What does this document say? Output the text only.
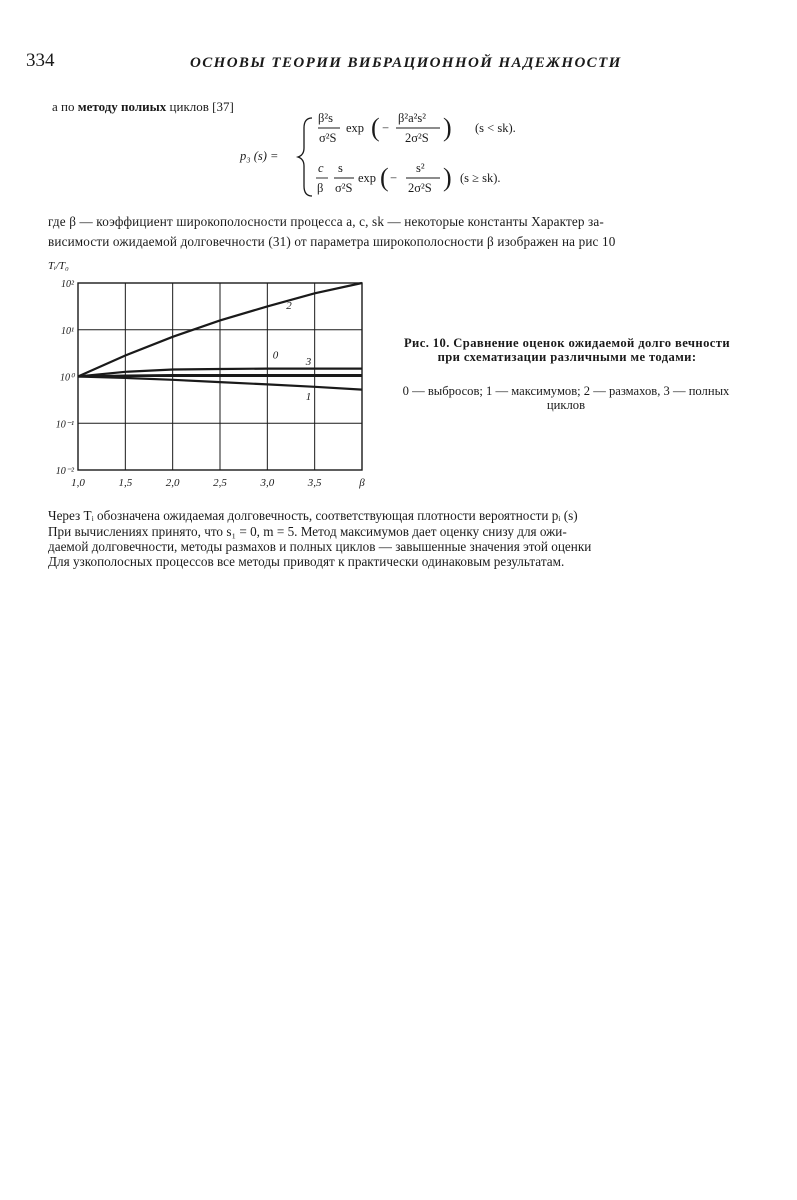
334	ОСНОВЫ ТЕОРИИ ВИБРАЦИОННОЙ НАДЕЖНОСТИ
а по методу полиых циклов [37]
p₃ (s) =
β²s
σ²S
exp ( −
β²a²s²
2σ²S ) (s < sk).
c
β
s
σ²S
exp ( −
s²
2σ²S ) (s ≥ sk).
где β — коэффициент широкополосности процесса a, c, sk — некоторые константы Характер за-
висимости ожидаемой долговечности (31) от параметра широкополосности β изображен на рис 10
1,0	1,5	2,0	2,5	3,0	3,5	β
10²
10¹
10⁰
10⁻¹
10⁻²
Tᵢ/T₀
2
0
3
1
Рис. 10. Сравнение оценок ожидаемой долго вечности при схематизации различными ме тодами:
0 — выбросов; 1 — максимумов; 2 — размахов, 3 — полных циклов
Через Tᵢ обозначена ожидаемая долговечность, соответствующая плотности вероятности pᵢ (s)
При вычислениях принято, что s₁ = 0, m = 5. Метод максимумов дает оценку снизу для ожи-
даемой долговечности, методы размахов и полных циклов — завышенные значения этой оценки
Для узкополосных процессов все методы приводят к практически одинаковым результатам.
